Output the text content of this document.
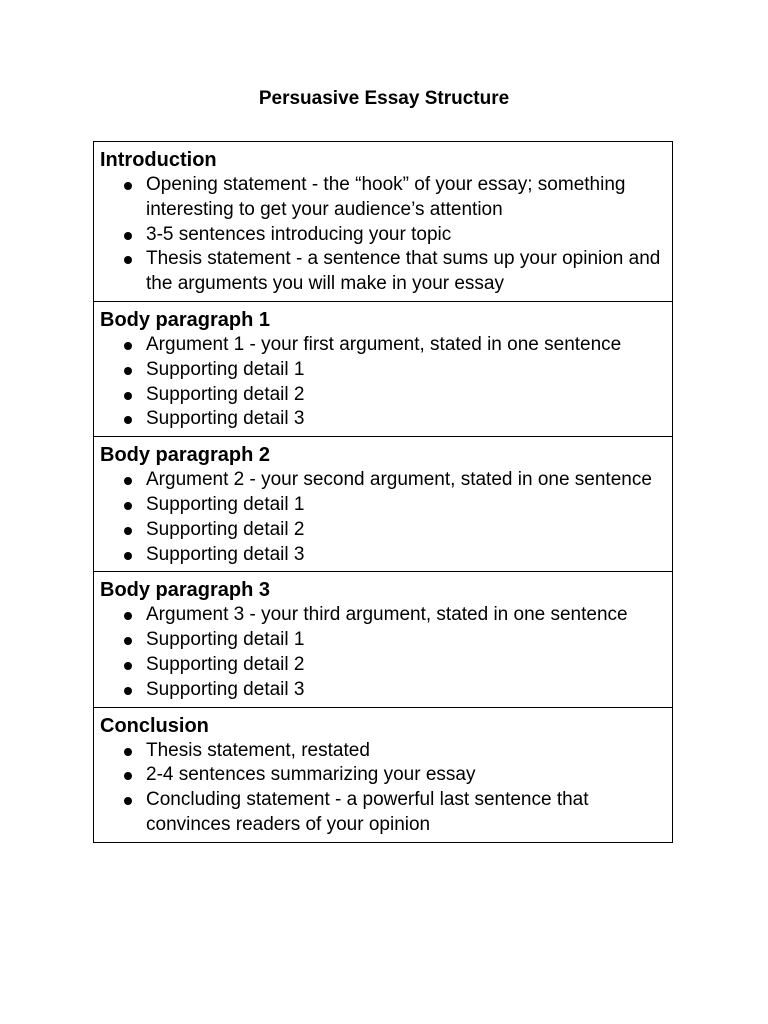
Persuasive Essay Structure
Introduction
Opening statement - the “hook” of your essay; something interesting to get your audience’s attention
3-5 sentences introducing your topic
Thesis statement - a sentence that sums up your opinion and the arguments you will make in your essay

Body paragraph 1
Argument 1 - your first argument, stated in one sentence
Supporting detail 1
Supporting detail 2
Supporting detail 3

Body paragraph 2
Argument 2 - your second argument, stated in one sentence
Supporting detail 1
Supporting detail 2
Supporting detail 3

Body paragraph 3
Argument 3 - your third argument, stated in one sentence
Supporting detail 1
Supporting detail 2
Supporting detail 3

Conclusion
Thesis statement, restated
2-4 sentences summarizing your essay
Concluding statement - a powerful last sentence that convinces readers of your opinion
